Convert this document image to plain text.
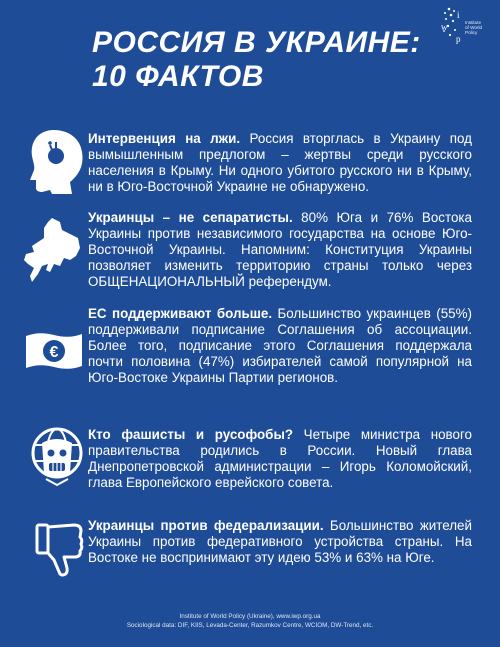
РОССИЯ В УКРАИНЕ:
10 ФАКТОВ
i
w
p
Institute
of World
Policy
Интервенция на лжи. Россия вторглась в Украину под вымышленным предлогом – жертвы среди русского населения в Крыму. Ни одного убитого русского ни в Крыму, ни в Юго-Восточной Украине не обнаружено.
Украинцы – не сепаратисты. 80% Юга и 76% Востока Украины против независимого государства на основе Юго-Восточной Украины. Напомним: Конституция Украины позволяет изменить территорию страны только через ОБЩЕНАЦИОНАЛЬНЫЙ референдум.
€
ЕС поддерживают больше. Большинство украинцев (55%) поддерживали подписание Соглашения об ассоциации. Более того, подписание этого Соглашения поддержала почти половина (47%) избирателей самой популярной на Юго-Востоке Украины Партии регионов.
Кто фашисты и русофобы? Четыре министра нового правительства родились в России. Новый глава Днепропетровской администрации – Игорь Коломойский, глава Европейского еврейского совета.
Украинцы против федерализации. Большинство жителей Украины против федеративного устройства страны. На Востоке не воспринимают эту идею 53% и 63% на Юге.
Institute of World Policy (Ukraine), www.iwp.org.ua
Sociological data: DIF, KIIS, Levada-Center, Razumkov Centre, WCIOM, DW-Trend, etc.
